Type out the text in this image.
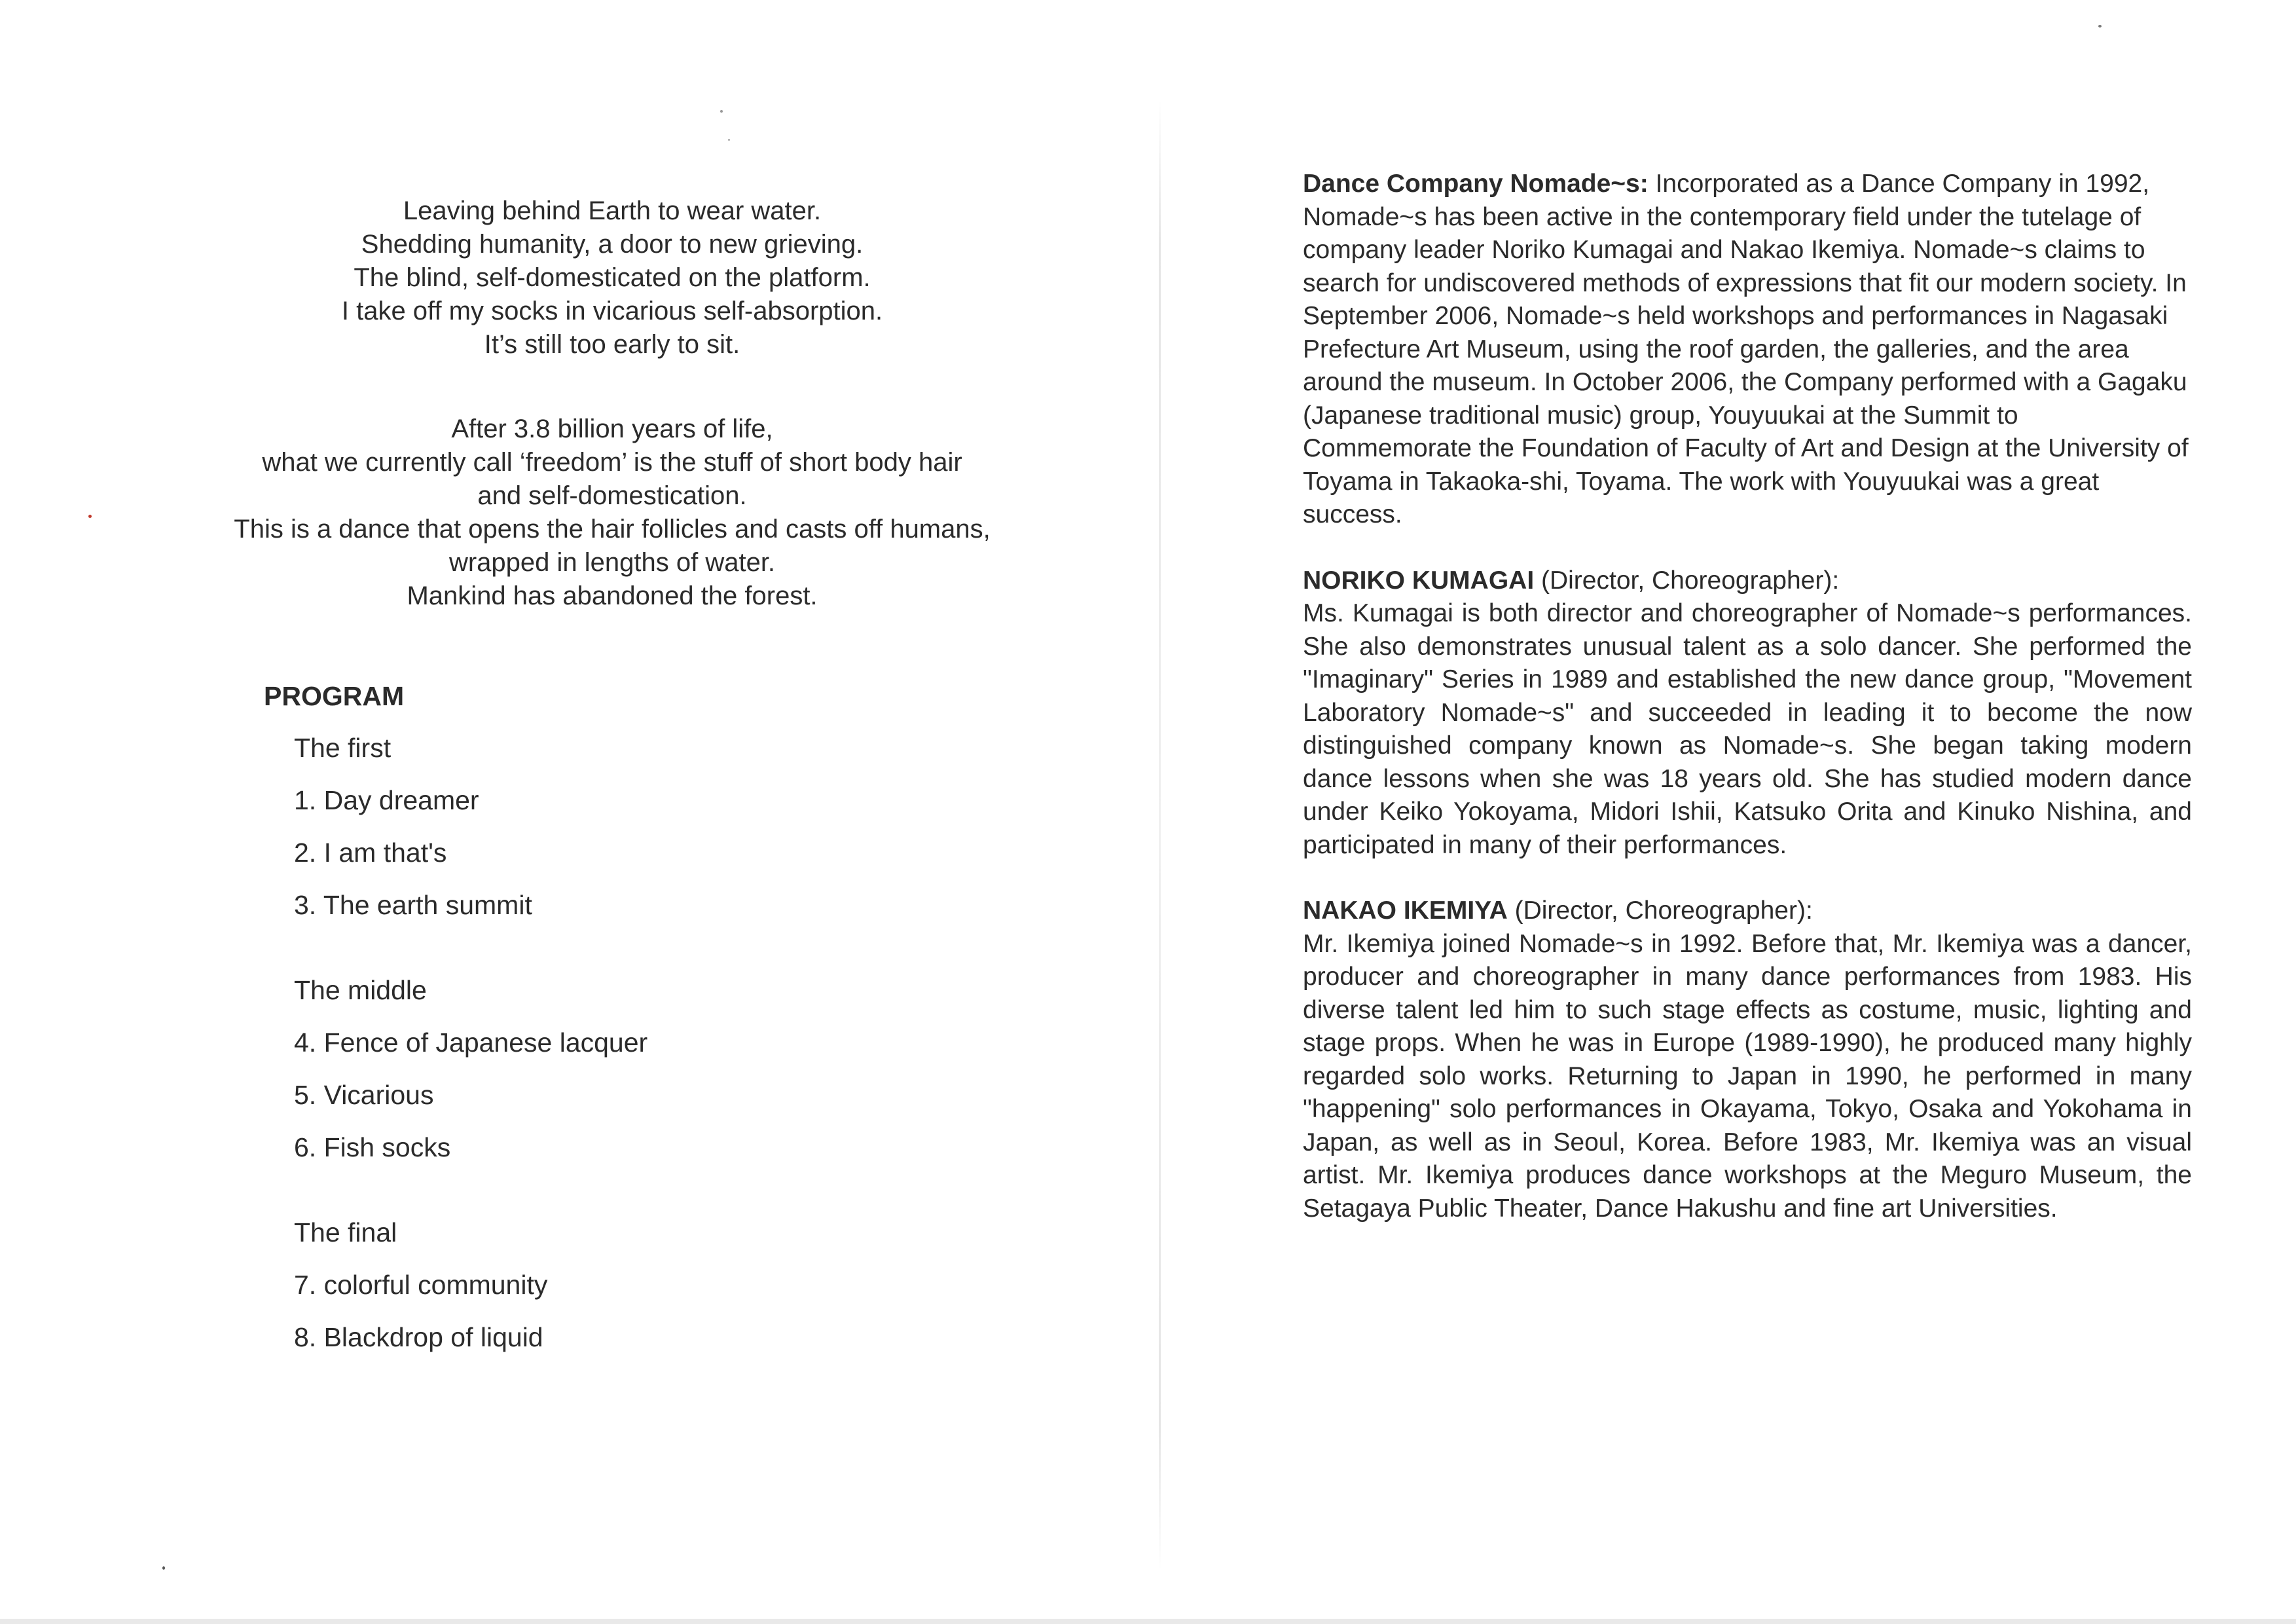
Leaving behind Earth to wear water.
Shedding humanity, a door to new grieving.
The blind, self-domesticated on the platform.
I take off my socks in vicarious self-absorption.
It’s still too early to sit.
After 3.8 billion years of life,
what we currently call ‘freedom’ is the stuff of short body hair
and self-domestication.
This is a dance that opens the hair follicles and casts off humans,
wrapped in lengths of water.
Mankind has abandoned the forest.
PROGRAM
The first
1. Day dreamer
2. I am that's
3. The earth summit
The middle
4. Fence of Japanese lacquer
5. Vicarious
6. Fish socks
The final
7. colorful community
8. Blackdrop of liquid

Dance Company Nomade~s: Incorporated as a Dance Company in 1992, Nomade~s has been active in the contemporary field under the tutelage of company leader Noriko Kumagai and Nakao Ikemiya. Nomade~s claims to search for undiscovered methods of expressions that fit our modern society. In September 2006, Nomade~s held workshops and performances in Nagasaki Prefecture Art Museum, using the roof garden, the galleries, and the area around the museum. In October 2006, the Company performed with a Gagaku (Japanese traditional music) group, Youyuukai at the Summit to Commemorate the Foundation of Faculty of Art and Design at the University of Toyama in Takaoka-shi, Toyama. The work with Youyuukai was a great success.

NORIKO KUMAGAI (Director, Choreographer):

Ms. Kumagai is both director and choreographer of Nomade~s performances. She also demonstrates unusual talent as a solo dancer. She performed the "Imaginary" Series in 1989 and established the new dance group, "Movement Laboratory Nomade~s" and succeeded in leading it to become the now distinguished company known as Nomade~s. She began taking modern dance lessons when she was 18 years old. She has studied modern dance under Keiko Yokoyama, Midori Ishii, Katsuko Orita and Kinuko Nishina, and participated in many of their performances.

NAKAO IKEMIYA (Director, Choreographer):

Mr. Ikemiya joined Nomade~s in 1992. Before that, Mr. Ikemiya was a dancer, producer and choreographer in many dance performances from 1983. His diverse talent led him to such stage effects as costume, music, lighting and stage props. When he was in Europe (1989-1990), he produced many highly regarded solo works. Returning to Japan in 1990, he performed in many "happening" solo performances in Okayama, Tokyo, Osaka and Yokohama in Japan, as well as in Seoul, Korea. Before 1983, Mr. Ikemiya was an visual artist. Mr. Ikemiya produces dance workshops at the Meguro Museum, the Setagaya Public Theater, Dance Hakushu and fine art Universities.
